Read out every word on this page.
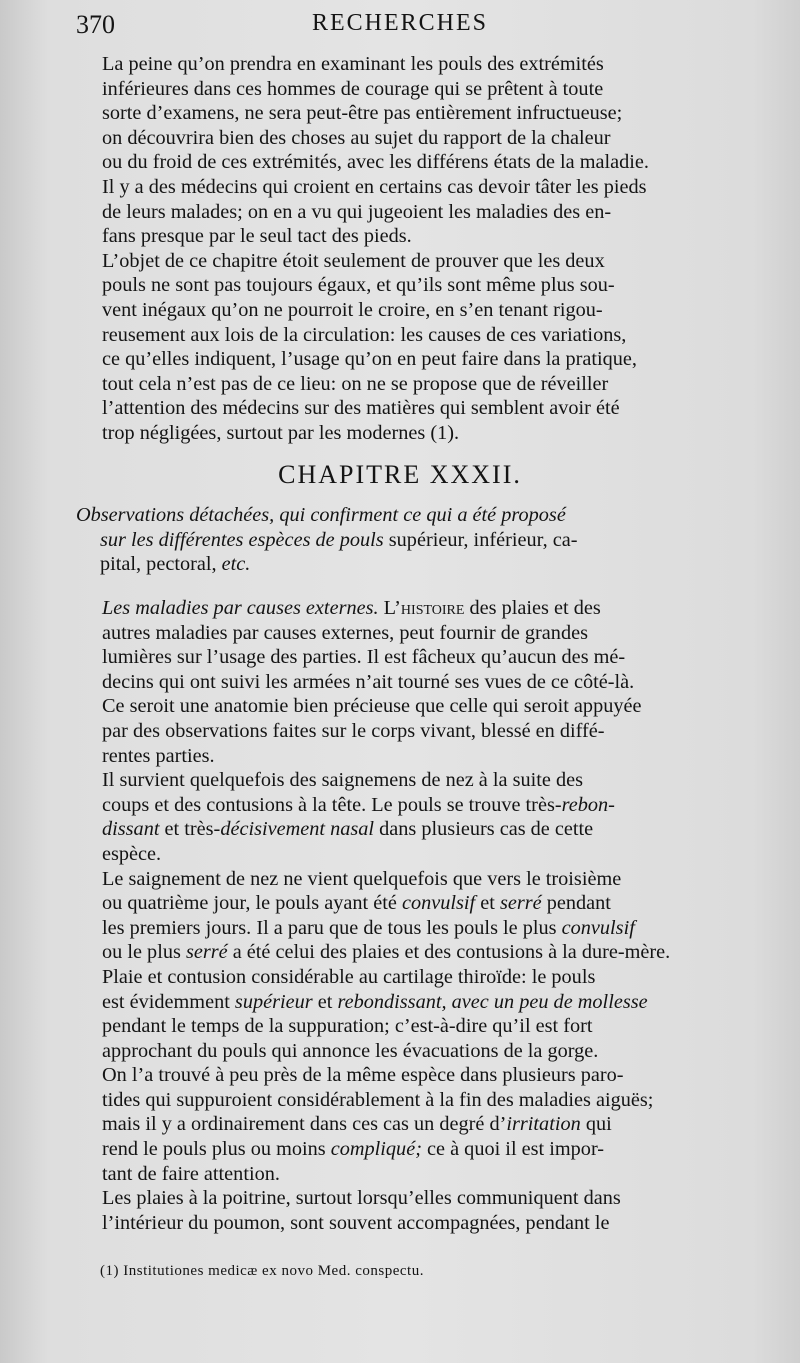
370	RECHERCHES
La peine qu’on prendra en examinant les pouls des extrémités
inférieures dans ces hommes de courage qui se prêtent à toute
sorte d’examens, ne sera peut-être pas entièrement infructueuse;
on découvrira bien des choses au sujet du rapport de la chaleur
ou du froid de ces extrémités, avec les différens états de la maladie.
Il y a des médecins qui croient en certains cas devoir tâter les pieds
de leurs malades; on en a vu qui jugeoient les maladies des en-
fans presque par le seul tact des pieds.
L’objet de ce chapitre étoit seulement de prouver que les deux
pouls ne sont pas toujours égaux, et qu’ils sont même plus sou-
vent inégaux qu’on ne pourroit le croire, en s’en tenant rigou-
reusement aux lois de la circulation: les causes de ces variations,
ce qu’elles indiquent, l’usage qu’on en peut faire dans la pratique,
tout cela n’est pas de ce lieu: on ne se propose que de réveiller
l’attention des médecins sur des matières qui semblent avoir été
trop négligées, surtout par les modernes (1).
CHAPITRE XXXII.
Observations détachées, qui confirment ce qui a été proposé
sur les différentes espèces de pouls supérieur, inférieur, ca-
pital, pectoral, etc.
Les maladies par causes externes. L’histoire des plaies et des
autres maladies par causes externes, peut fournir de grandes
lumières sur l’usage des parties. Il est fâcheux qu’aucun des mé-
decins qui ont suivi les armées n’ait tourné ses vues de ce côté-là.
Ce seroit une anatomie bien précieuse que celle qui seroit appuyée
par des observations faites sur le corps vivant, blessé en diffé-
rentes parties.
Il survient quelquefois des saignemens de nez à la suite des
coups et des contusions à la tête. Le pouls se trouve très-rebon-
dissant et très-décisivement nasal dans plusieurs cas de cette
espèce.
Le saignement de nez ne vient quelquefois que vers le troisième
ou quatrième jour, le pouls ayant été convulsif et serré pendant
les premiers jours. Il a paru que de tous les pouls le plus convulsif
ou le plus serré a été celui des plaies et des contusions à la dure-mère.
Plaie et contusion considérable au cartilage thiroïde: le pouls
est évidemment supérieur et rebondissant, avec un peu de mollesse
pendant le temps de la suppuration; c’est-à-dire qu’il est fort
approchant du pouls qui annonce les évacuations de la gorge.
On l’a trouvé à peu près de la même espèce dans plusieurs paro-
tides qui suppuroient considérablement à la fin des maladies aiguës;
mais il y a ordinairement dans ces cas un degré d’irritation qui
rend le pouls plus ou moins compliqué; ce à quoi il est impor-
tant de faire attention.
Les plaies à la poitrine, surtout lorsqu’elles communiquent dans
l’intérieur du poumon, sont souvent accompagnées, pendant le
(1) Institutiones medicæ ex novo Med. conspectu.
